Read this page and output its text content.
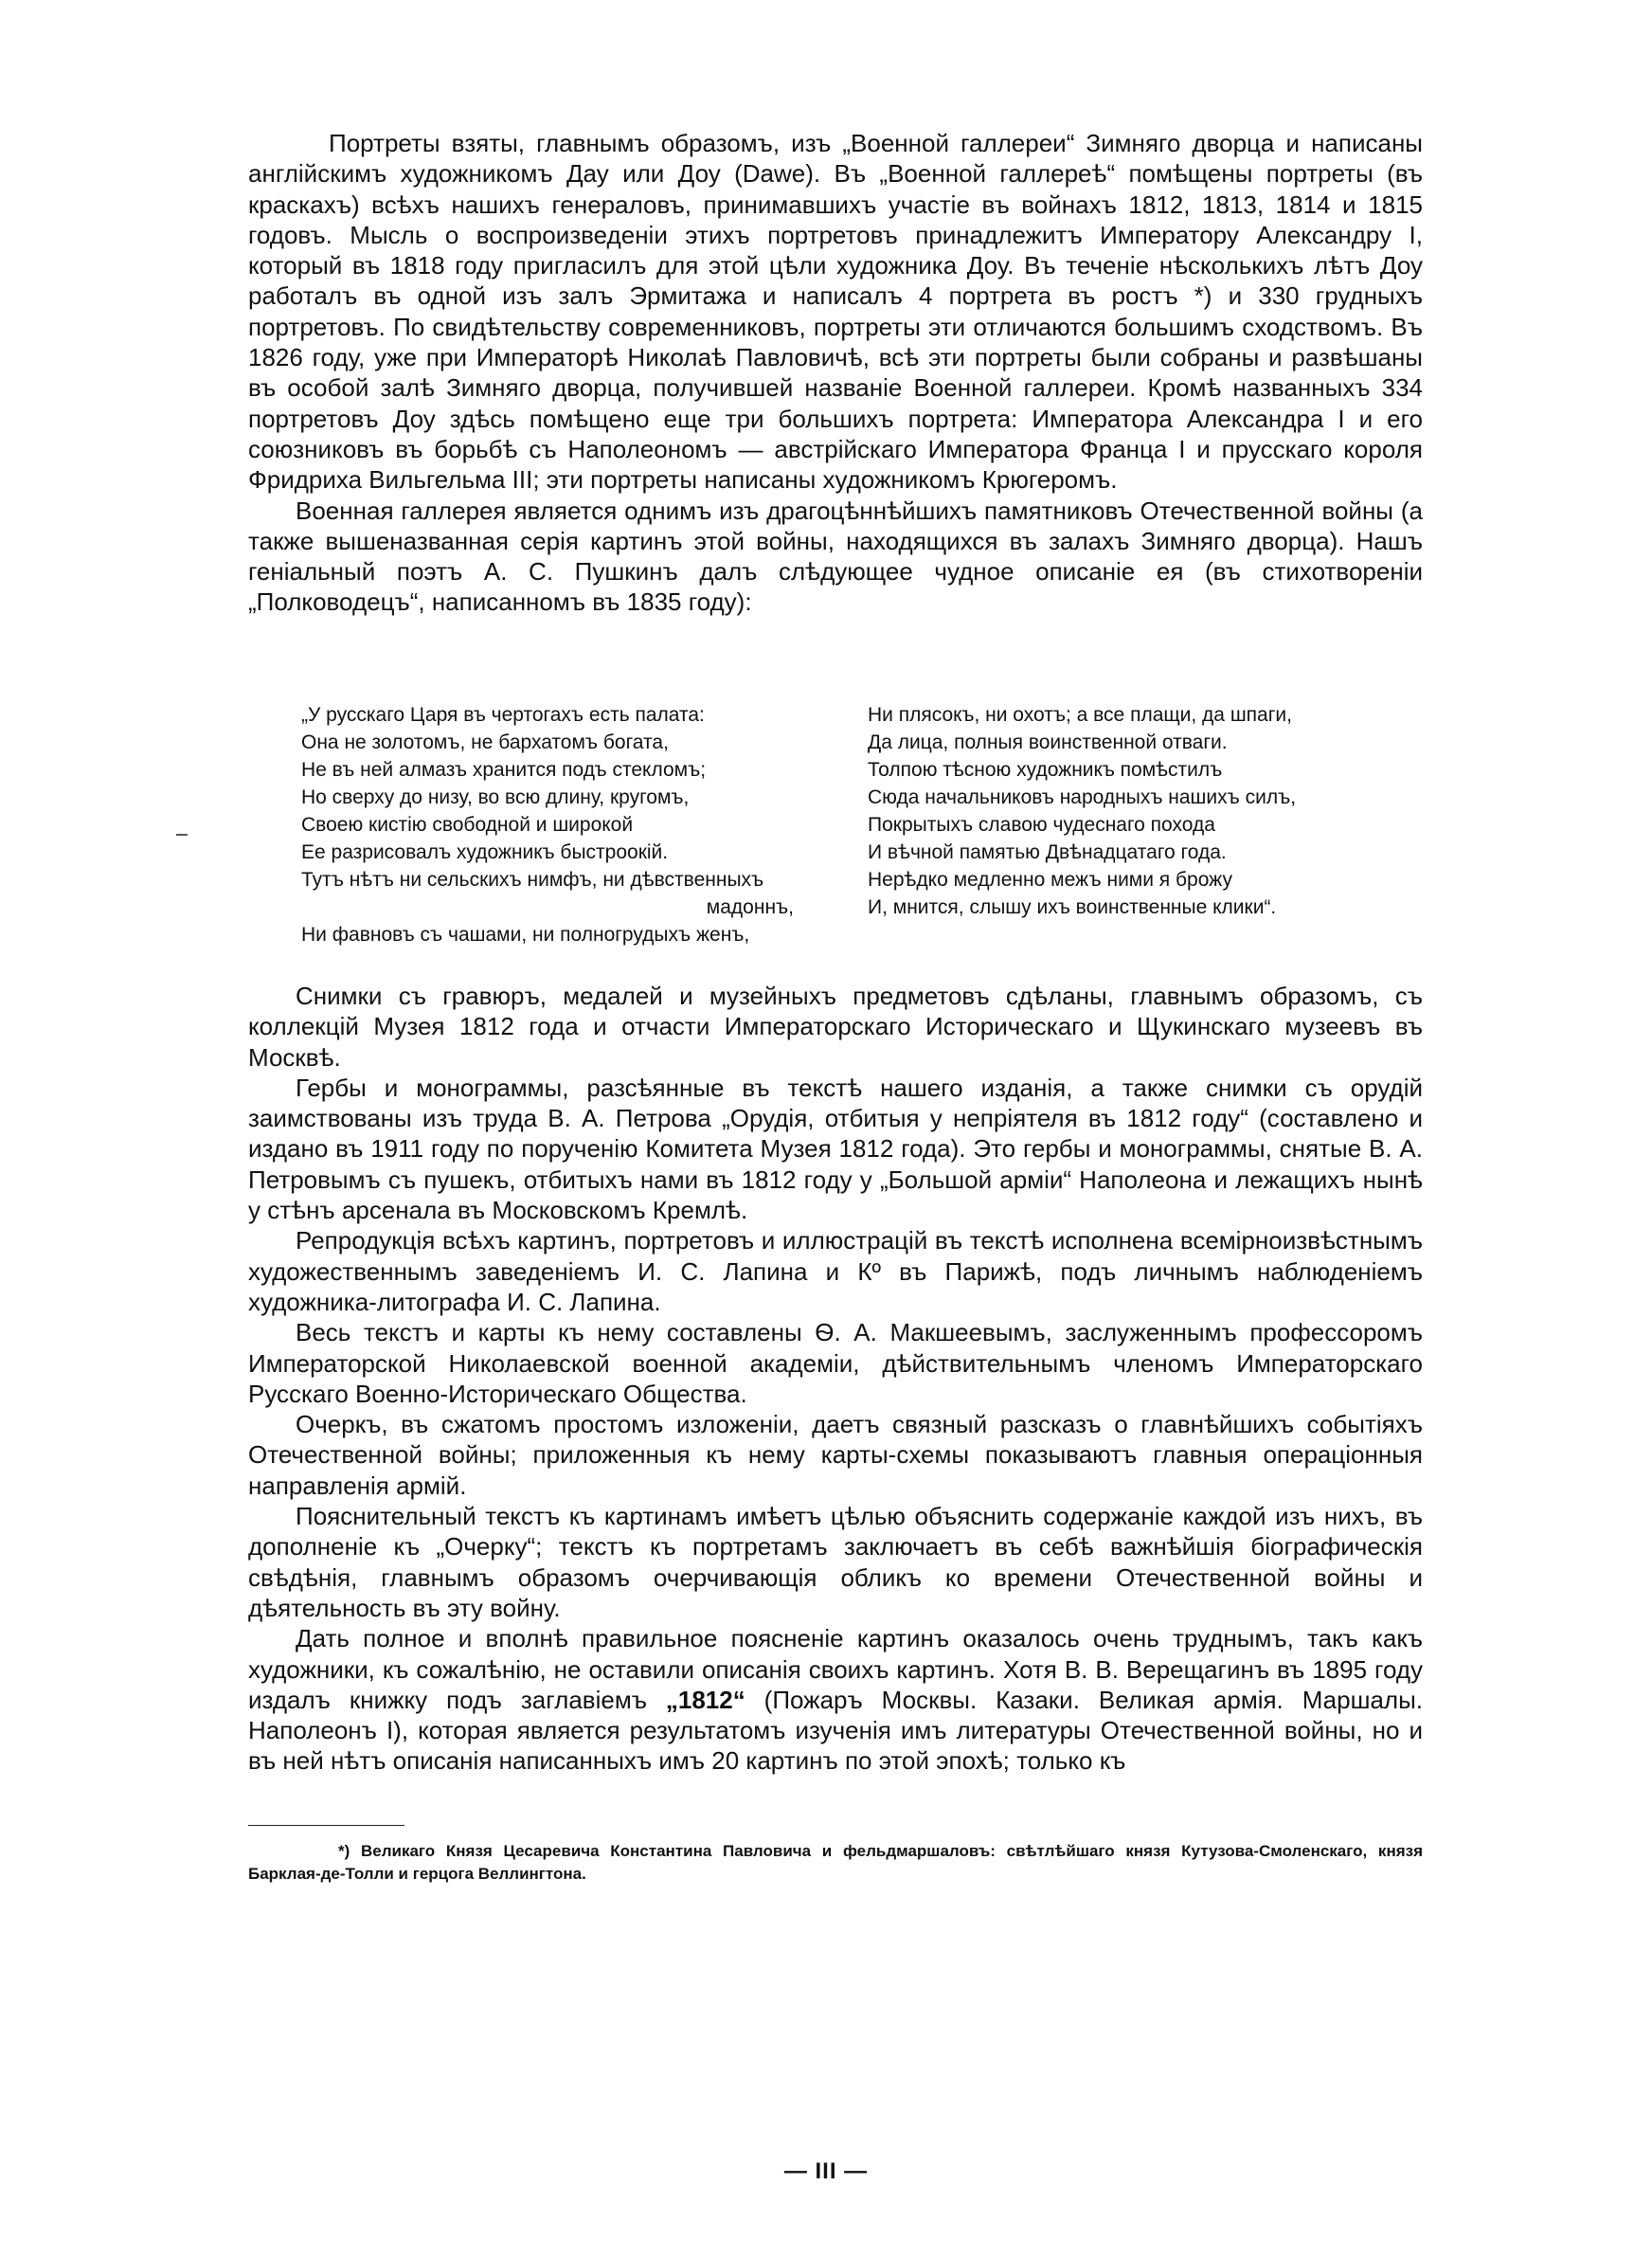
Портреты взяты, главнымъ образомъ, изъ „Военной галлереи“ Зимняго дворца и написаны англійскимъ художникомъ Дау или Доу (Dawe). Въ „Военной галлереѣ“ помѣщены портреты (въ краскахъ) всѣхъ нашихъ генераловъ, принимавшихъ участіе въ войнахъ 1812, 1813, 1814 и 1815 годовъ. Мысль о воспроизведеніи этихъ портретовъ принадлежитъ Императору Александру I, который въ 1818 году пригласилъ для этой цѣли художника Доу. Въ теченіе нѣсколькихъ лѣтъ Доу работалъ въ одной изъ залъ Эрмитажа и написалъ 4 портрета въ ростъ *) и 330 грудныхъ портретовъ. По свидѣтельству современниковъ, портреты эти отличаются большимъ сходствомъ. Въ 1826 году, уже при Императорѣ Николаѣ Павловичѣ, всѣ эти портреты были собраны и развѣшаны въ особой залѣ Зимняго дворца, получившей названіе Военной галлереи. Кромѣ названныхъ 334 портретовъ Доу здѣсь помѣщено еще три большихъ портрета: Императора Александра I и его союзниковъ въ борьбѣ съ Наполеономъ — австрійскаго Императора Франца I и прусскаго короля Фридриха Вильгельма III; эти портреты написаны художникомъ Крюгеромъ.

Военная галлерея является однимъ изъ драгоцѣннѣйшихъ памятниковъ Отечественной войны (а также вышеназванная серія картинъ этой войны, находящихся въ залахъ Зимняго дворца). Нашъ геніальный поэтъ А. С. Пушкинъ далъ слѣдующее чудное описаніе ея (въ стихотвореніи „Полководецъ“, написанномъ въ 1835 году):

„У русскаго Царя въ чертогахъ есть палата:
Она не золотомъ, не бархатомъ богата,
Не въ ней алмазъ хранится подъ стекломъ;
Но сверху до низу, во всю длину, кругомъ,
Своею кистію свободной и широкой
Ее разрисовалъ художникъ быстроокій.
Тутъ нѣтъ ни сельскихъ нимфъ, ни дѣвственныхъ
мадоннъ,
Ни фавновъ съ чашами, ни полногрудыхъ женъ,
Ни плясокъ, ни охотъ; а все плащи, да шпаги,
Да лица, полныя воинственной отваги.
Толпою тѣсною художникъ помѣстилъ
Сюда начальниковъ народныхъ нашихъ силъ,
Покрытыхъ славою чудеснаго похода
И вѣчной памятью Двѣнадцатаго года.
Нерѣдко медленно межъ ними я брожу
И, мнится, слышу ихъ воинственные клики“.

Снимки съ гравюръ, медалей и музейныхъ предметовъ сдѣланы, главнымъ образомъ, съ коллекцій Музея 1812 года и отчасти Императорскаго Историческаго и Щукинскаго музеевъ въ Москвѣ.

Гербы и монограммы, разсѣянные въ текстѣ нашего изданія, а также снимки съ орудій заимствованы изъ труда В. А. Петрова „Орудія, отбитыя у непріятеля въ 1812 году“ (составлено и издано въ 1911 году по порученію Комитета Музея 1812 года). Это гербы и монограммы, снятые В. А. Петровымъ съ пушекъ, отбитыхъ нами въ 1812 году у „Большой арміи“ Наполеона и лежащихъ нынѣ у стѣнъ арсенала въ Московскомъ Кремлѣ.

Репродукція всѣхъ картинъ, портретовъ и иллюстрацій въ текстѣ исполнена всемірноизвѣстнымъ художественнымъ заведеніемъ И. С. Лапина и Кº въ Парижѣ, подъ личнымъ наблюденіемъ художника-литографа И. С. Лапина.

Весь текстъ и карты къ нему составлены Ѳ. А. Макшеевымъ, заслуженнымъ профессоромъ Императорской Николаевской военной академіи, дѣйствительнымъ членомъ Императорскаго Русскаго Военно-Историческаго Общества.

Очеркъ, въ сжатомъ простомъ изложеніи, даетъ связный разсказъ о главнѣйшихъ событіяхъ Отечественной войны; приложенныя къ нему карты-схемы показываютъ главныя операціонныя направленія армій.

Пояснительный текстъ къ картинамъ имѣетъ цѣлью объяснить содержаніе каждой изъ нихъ, въ дополненіе къ „Очерку“; текстъ къ портретамъ заключаетъ въ себѣ важнѣйшія біографическія свѣдѣнія, главнымъ образомъ очерчивающія обликъ ко времени Отечественной войны и дѣятельность въ эту войну.

Дать полное и вполнѣ правильное поясненіе картинъ оказалось очень труднымъ, такъ какъ художники, къ сожалѣнію, не оставили описанія своихъ картинъ. Хотя В. В. Верещагинъ въ 1895 году издалъ книжку подъ заглавіемъ „1812“ (Пожаръ Москвы. Казаки. Великая армія. Маршалы. Наполеонъ I), которая является результатомъ изученія имъ литературы Отечественной войны, но и въ ней нѣтъ описанія написанныхъ имъ 20 картинъ по этой эпохѣ; только къ

*) Великаго Князя Цесаревича Константина Павловича и фельдмаршаловъ: свѣтлѣйшаго князя Кутузова-Смоленскаго, князя Барклая-де-Толли и герцога Веллингтона.
— III —
